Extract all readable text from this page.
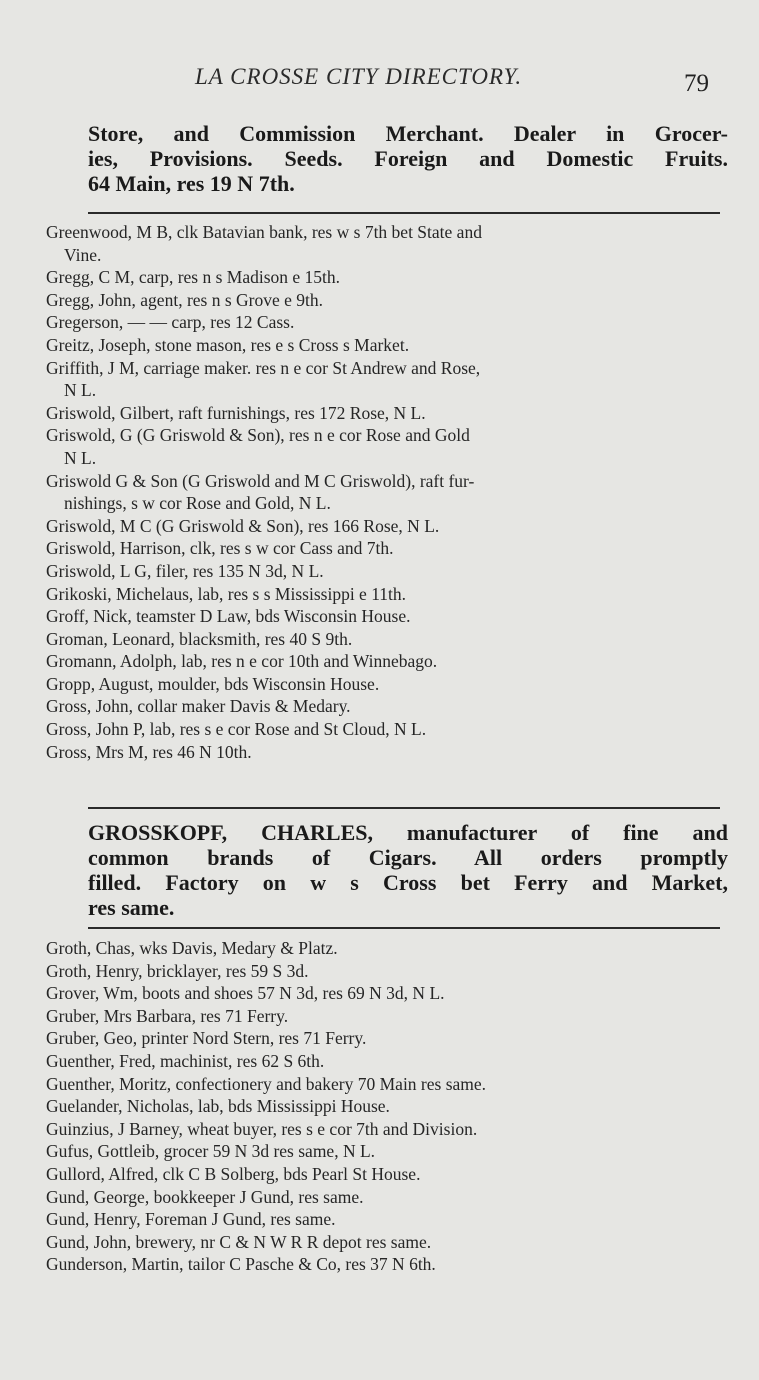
LA CROSSE CITY DIRECTORY.	79
Store, and Commission Merchant. Dealer in Grocer-
ies, Provisions. Seeds. Foreign and Domestic Fruits.
64 Main, res 19 N 7th.
Greenwood, M B, clk Batavian bank, res w s 7th bet State and
Vine.
Gregg, C M, carp, res n s Madison e 15th.
Gregg, John, agent, res n s Grove e 9th.
Gregerson, — — carp, res 12 Cass.
Greitz, Joseph, stone mason, res e s Cross s Market.
Griffith, J M, carriage maker. res n e cor St Andrew and Rose,
N L.
Griswold, Gilbert, raft furnishings, res 172 Rose, N L.
Griswold, G (G Griswold & Son), res n e cor Rose and Gold
N L.
Griswold G & Son (G Griswold and M C Griswold), raft fur-
nishings, s w cor Rose and Gold, N L.
Griswold, M C (G Griswold & Son), res 166 Rose, N L.
Griswold, Harrison, clk, res s w cor Cass and 7th.
Griswold, L G, filer, res 135 N 3d, N L.
Grikoski, Michelaus, lab, res s s Mississippi e 11th.
Groff, Nick, teamster D Law, bds Wisconsin House.
Groman, Leonard, blacksmith, res 40 S 9th.
Gromann, Adolph, lab, res n e cor 10th and Winnebago.
Gropp, August, moulder, bds Wisconsin House.
Gross, John, collar maker Davis & Medary.
Gross, John P, lab, res s e cor Rose and St Cloud, N L.
Gross, Mrs M, res 46 N 10th.
GROSSKOPF, CHARLES, manufacturer of fine and
common brands of Cigars. All orders promptly
filled. Factory on w s Cross bet Ferry and Market,
res same.
Groth, Chas, wks Davis, Medary & Platz.
Groth, Henry, bricklayer, res 59 S 3d.
Grover, Wm, boots and shoes 57 N 3d, res 69 N 3d, N L.
Gruber, Mrs Barbara, res 71 Ferry.
Gruber, Geo, printer Nord Stern, res 71 Ferry.
Guenther, Fred, machinist, res 62 S 6th.
Guenther, Moritz, confectionery and bakery 70 Main res same.
Guelander, Nicholas, lab, bds Mississippi House.
Guinzius, J Barney, wheat buyer, res s e cor 7th and Division.
Gufus, Gottleib, grocer 59 N 3d res same, N L.
Gullord, Alfred, clk C B Solberg, bds Pearl St House.
Gund, George, bookkeeper J Gund, res same.
Gund, Henry, Foreman J Gund, res same.
Gund, John, brewery, nr C & N W R R depot res same.
Gunderson, Martin, tailor C Pasche & Co, res 37 N 6th.
